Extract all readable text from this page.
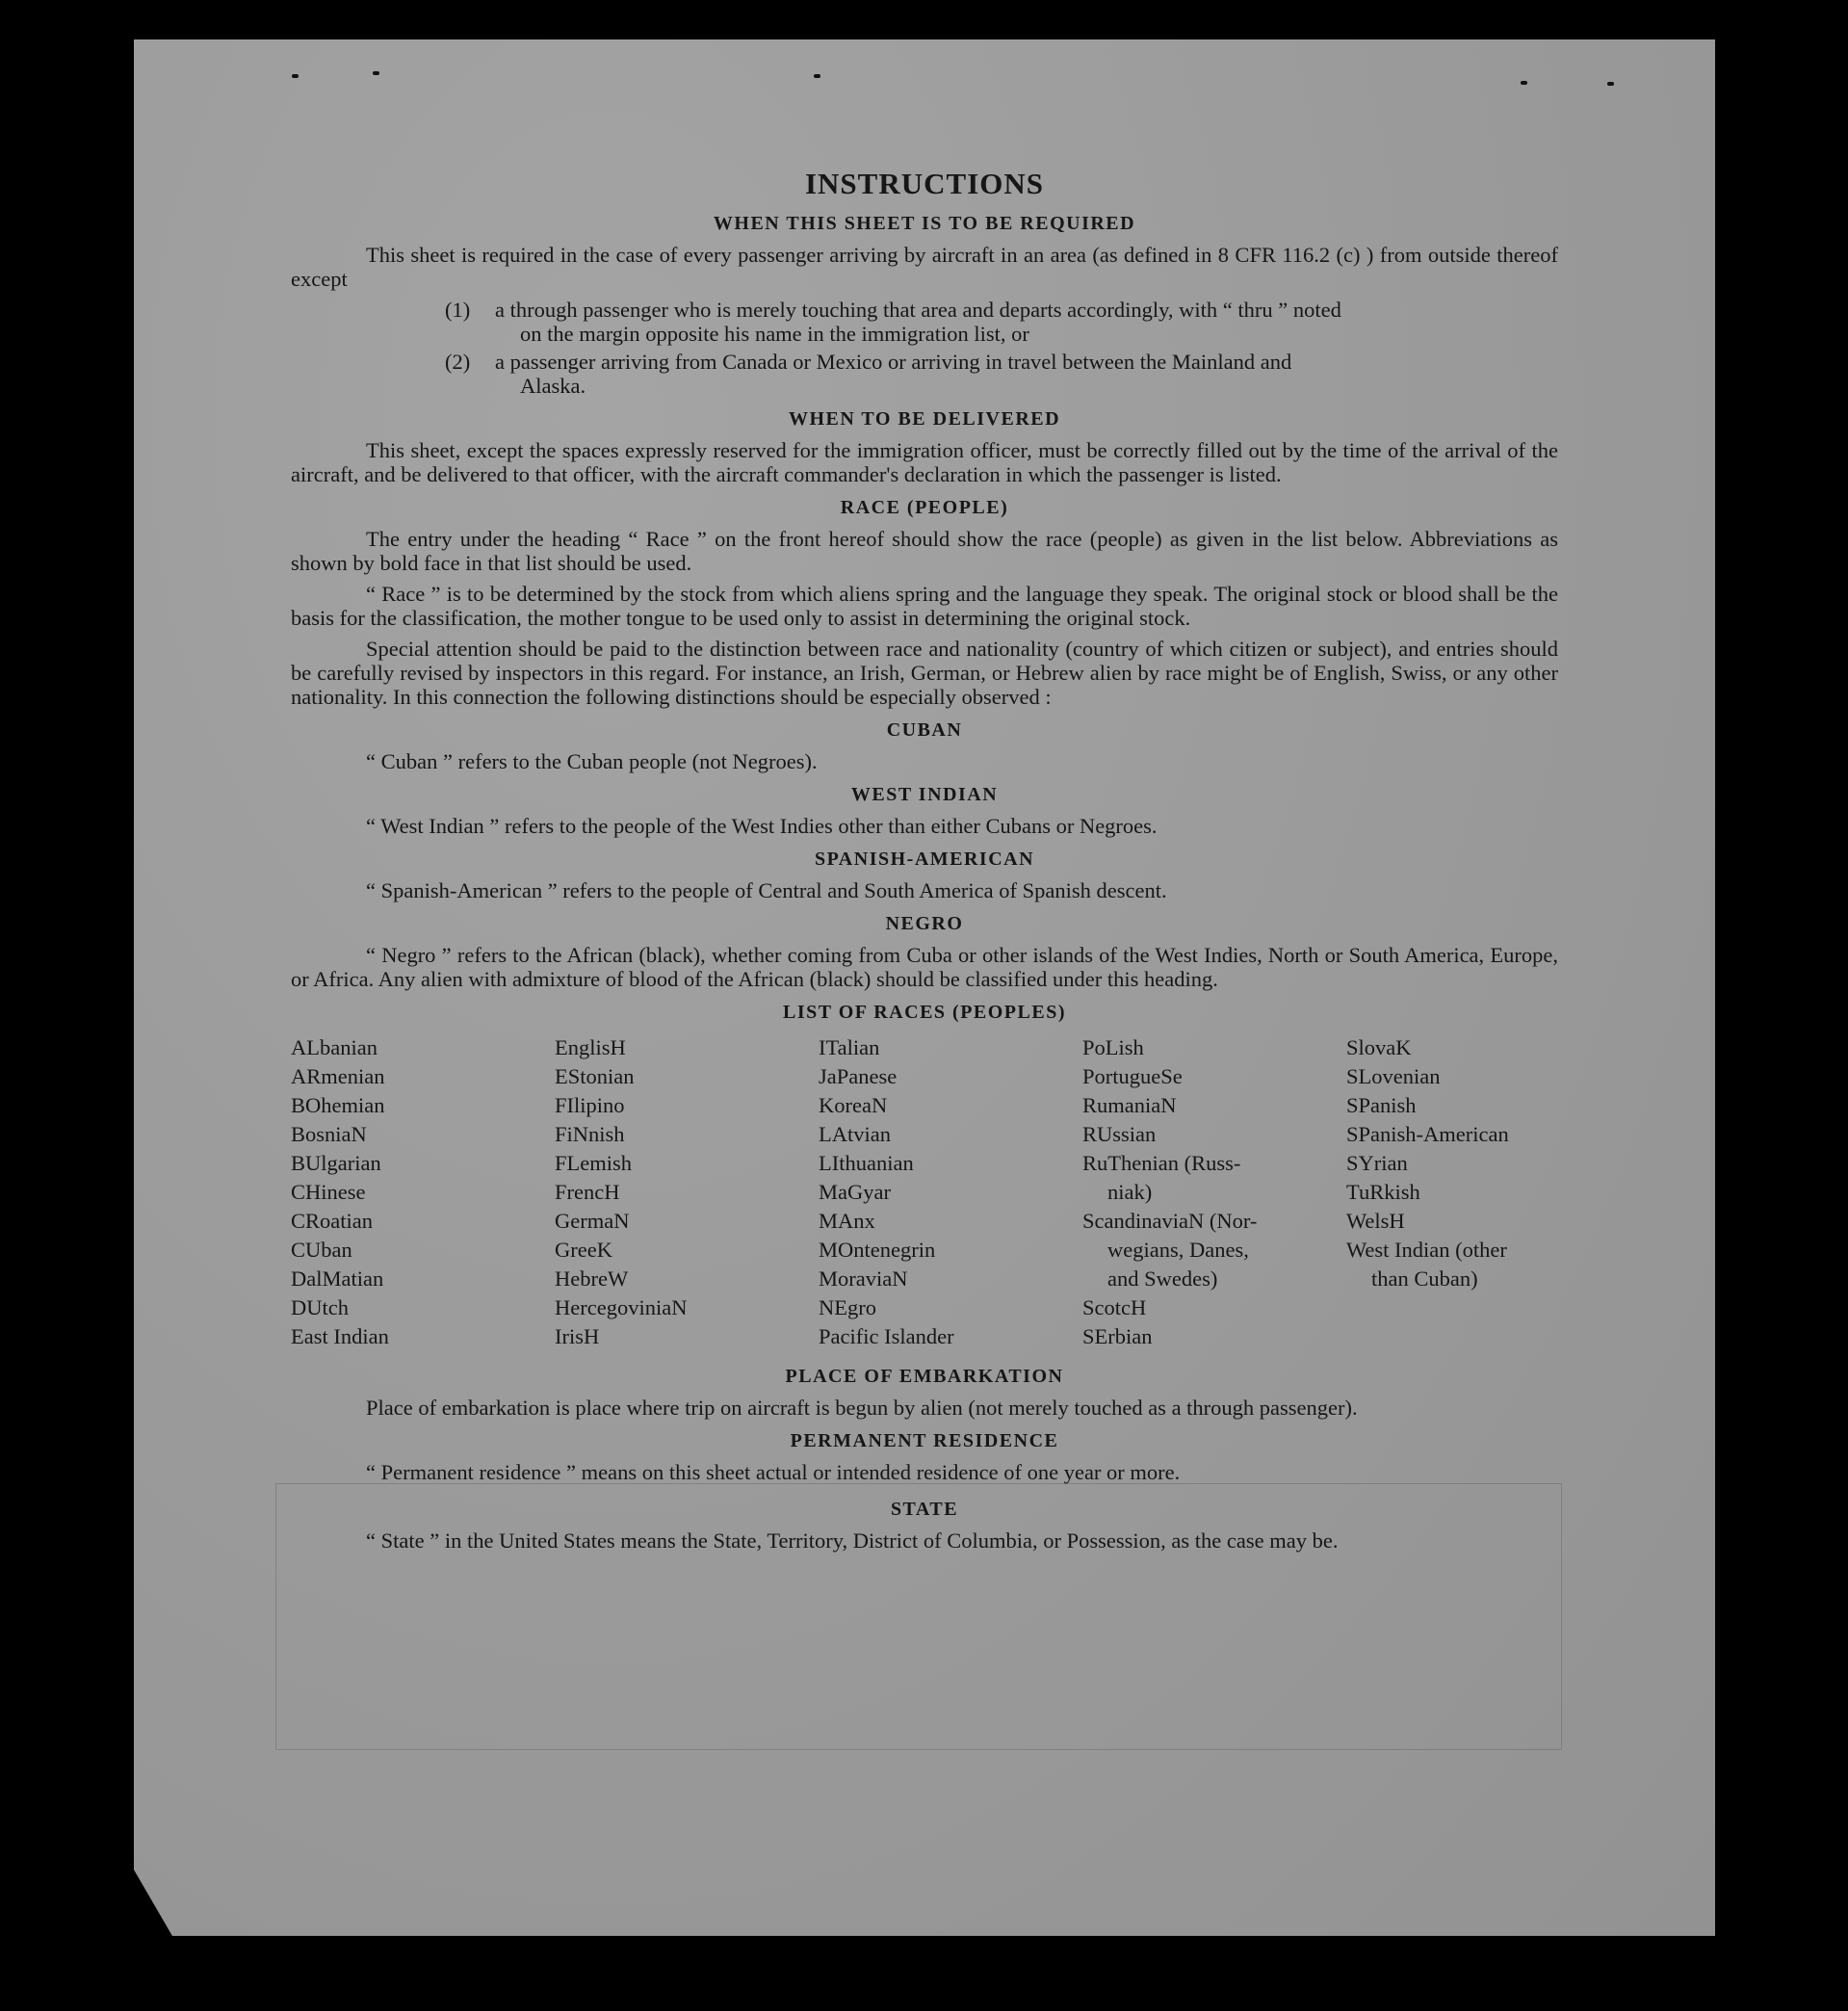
INSTRUCTIONS
WHEN THIS SHEET IS TO BE REQUIRED

This sheet is required in the case of every passenger arriving by aircraft in an area (as defined in 8 CFR 116.2 (c) ) from outside thereof except

(1)	a through passenger who is merely touching that area and departs accordingly, with “ thru ” noted
on the margin opposite his name in the immigration list, or
(2)	a passenger arriving from Canada or Mexico or arriving in travel between the Mainland and
Alaska.
WHEN TO BE DELIVERED

This sheet, except the spaces expressly reserved for the immigration officer, must be correctly filled out by the time of the arrival of the aircraft, and be delivered to that officer, with the aircraft commander's declaration in which the passenger is listed.

RACE (PEOPLE)

The entry under the heading “ Race ” on the front hereof should show the race (people) as given in the list below. Abbreviations as shown by bold face in that list should be used.

“ Race ” is to be determined by the stock from which aliens spring and the language they speak. The original stock or blood shall be the basis for the classification, the mother tongue to be used only to assist in determining the original stock.

Special attention should be paid to the distinction between race and nationality (country of which citizen or subject), and entries should be carefully revised by inspectors in this regard. For instance, an Irish, German, or Hebrew alien by race might be of English, Swiss, or any other nationality. In this connection the following distinctions should be especially observed :

CUBAN

“ Cuban ” refers to the Cuban people (not Negroes).

WEST INDIAN

“ West Indian ” refers to the people of the West Indies other than either Cubans or Negroes.

SPANISH-AMERICAN

“ Spanish-American ” refers to the people of Central and South America of Spanish descent.

NEGRO

“ Negro ” refers to the African (black), whether coming from Cuba or other islands of the West Indies, North or South America, Europe, or Africa. Any alien with admixture of blood of the African (black) should be classified under this heading.

LIST OF RACES (PEOPLES)
ALbanian
ARmenian
BOhemian
BosniaN
BUlgarian
CHinese
CRoatian
CUban
DalMatian
DUtch
East Indian
EnglisH
EStonian
FIlipino
FiNnish
FLemish
FrencH
GermaN
GreeK
HebreW
HercegovinіaN
IrisH
ITalian
JaPanese
KoreaN
LAtvian
LIthuanian
MaGyar
MAnx
MOntenegrin
MoraviaN
NEgro
Pacific Islander
PoLish
PortugueSe
RumaniaN
RUssian
RuThenian (Russ-
niak)
ScandinaviaN (Nor-
wegians, Danes,
and Swedes)
ScotcH
SErbian
SlovaK
SLovenian
SPanish
SPanish-American
SYrian
TuRkish
WelsH
West Indian (other
than Cuban)
PLACE OF EMBARKATION

Place of embarkation is place where trip on aircraft is begun by alien (not merely touched as a through passenger).

PERMANENT RESIDENCE

“ Permanent residence ” means on this sheet actual or intended residence of one year or more.

STATE

“ State ” in the United States means the State, Territory, District of Columbia, or Possession, as the case may be.
